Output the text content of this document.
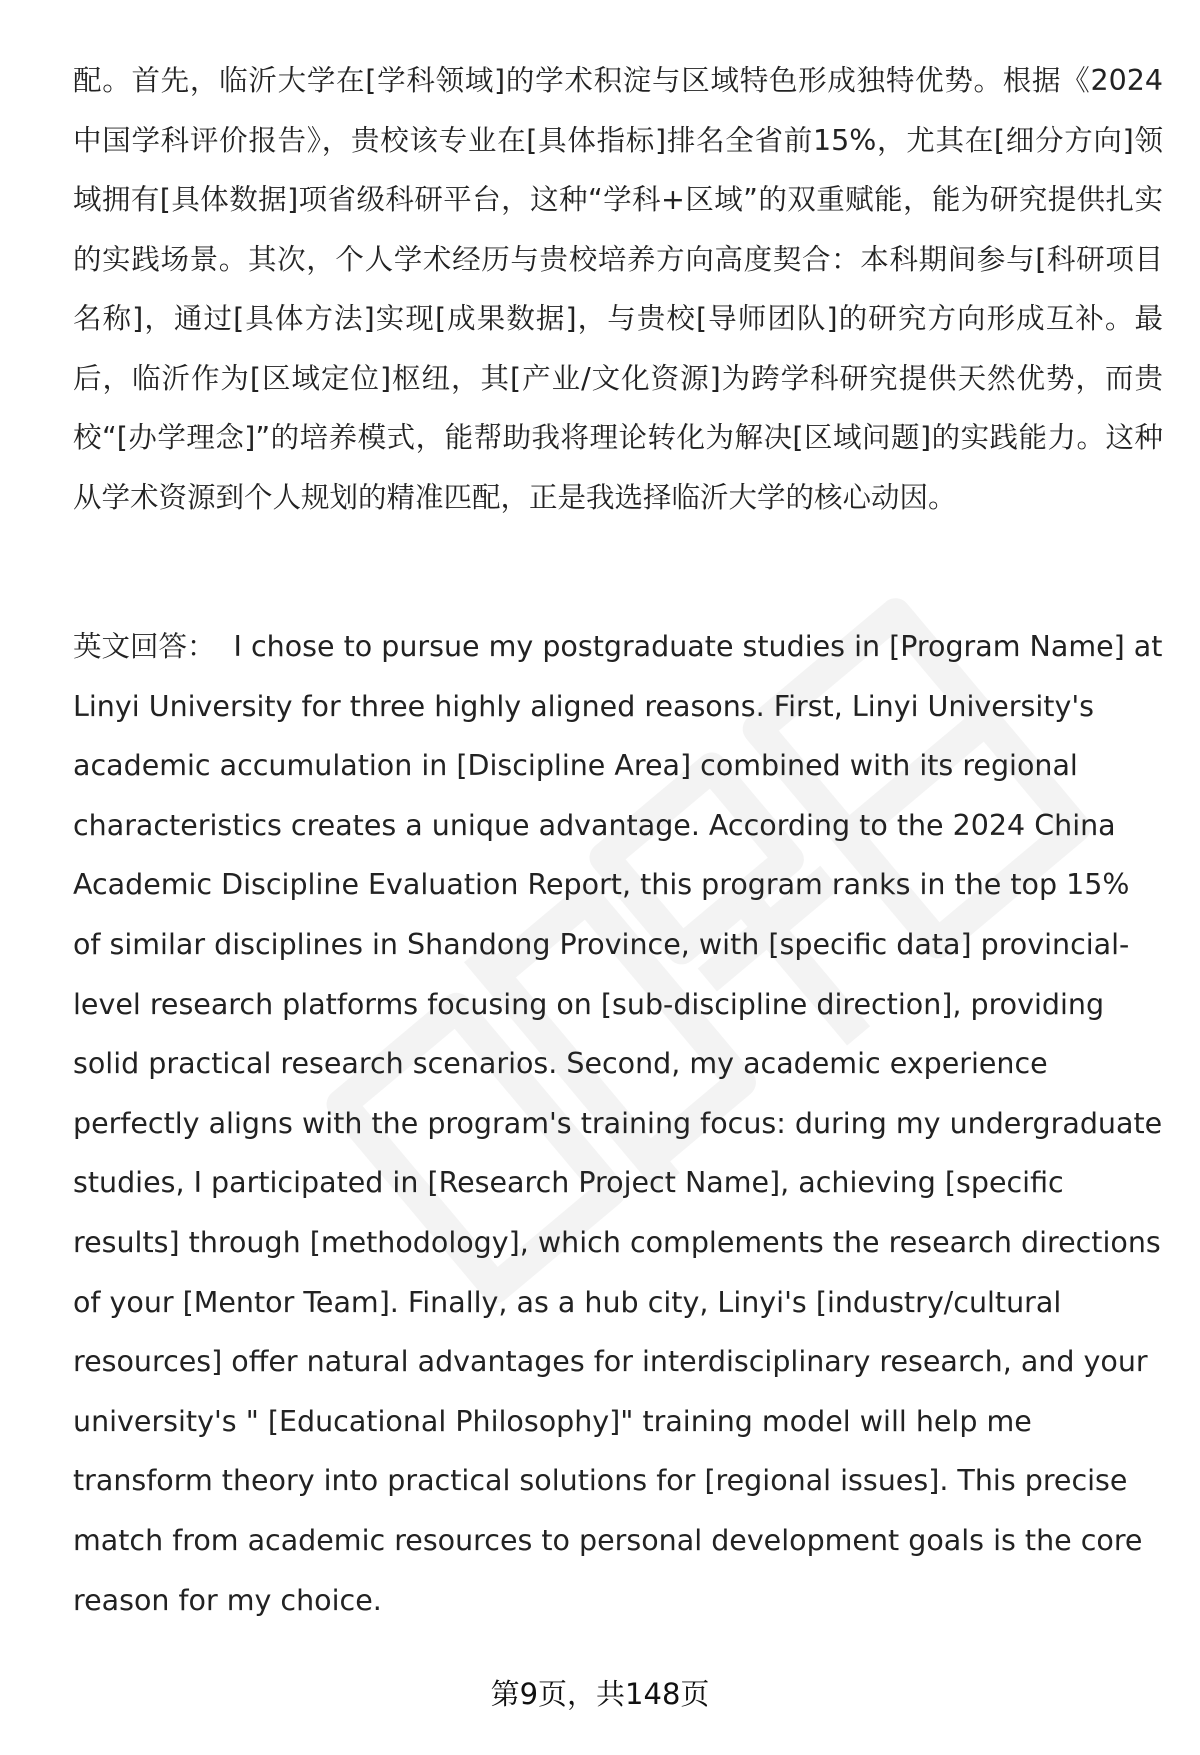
配。首先，临沂大学在[学科领域]的学术积淀与区域特色形成独特优势。根据《2024中国学科评价报告》，贵校该专业在[具体指标]排名全省前15%，尤其在[细分方向]领域拥有[具体数据]项省级科研平台，这种“学科+区域”的双重赋能，能为研究提供扎实的实践场景。其次，个人学术经历与贵校培养方向高度契合：本科期间参与[科研项目名称]，通过[具体方法]实现[成果数据]，与贵校[导师团队]的研究方向形成互补。最后，临沂作为[区域定位]枢纽，其[产业/文化资源]为跨学科研究提供天然优势，而贵校“[办学理念]”的培养模式，能帮助我将理论转化为解决[区域问题]的实践能力。这种从学术资源到个人规划的精准匹配，正是我选择临沂大学的核心动因。
英文回答： I chose to pursue my postgraduate studies in [Program Name] at Linyi University for three highly aligned reasons. First, Linyi University's academic accumulation in [Discipline Area] combined with its regional characteristics creates a unique advantage. According to the 2024 China Academic Discipline Evaluation Report, this program ranks in the top 15% of similar disciplines in Shandong Province, with [specific data] provincial-level research platforms focusing on [sub-discipline direction], providing solid practical research scenarios. Second, my academic experience perfectly aligns with the program's training focus: during my undergraduate studies, I participated in [Research Project Name], achieving [specific results] through [methodology], which complements the research directions of your [Mentor Team]. Finally, as a hub city, Linyi's [industry/cultural resources] offer natural advantages for interdisciplinary research, and your university's " [Educational Philosophy]" training model will help me transform theory into practical solutions for [regional issues]. This precise match from academic resources to personal development goals is the core reason for my choice.
第9页，共148页
